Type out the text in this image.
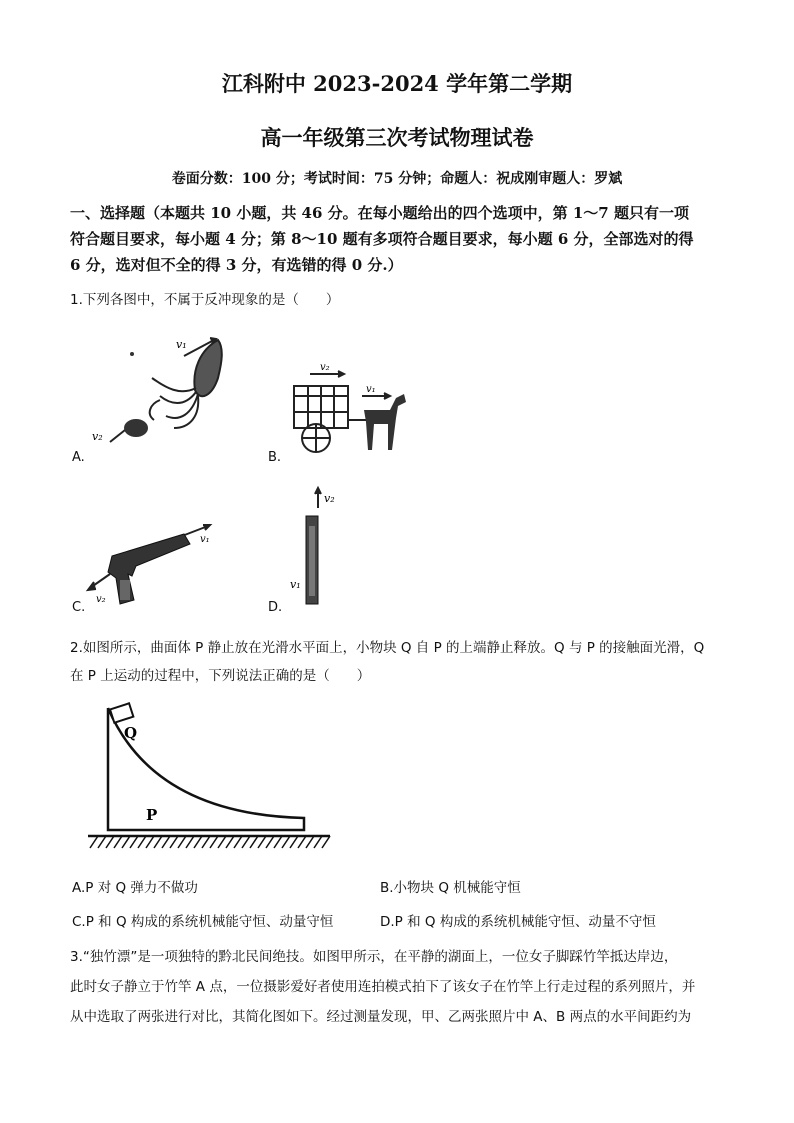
江科附中 2023-2024 学年第二学期
高一年级第三次考试物理试卷
卷面分数：100 分；考试时间：75 分钟；命题人：祝成刚审题人：罗斌
一、选择题（本题共 10 小题，共 46 分。在每小题给出的四个选项中，第 1～7 题只有一项
符合题目要求，每小题 4 分；第 8～10 题有多项符合题目要求，每小题 6 分，全部选对的得
6 分，选对但不全的得 3 分，有选错的得 0 分.）
1.下列各图中，不属于反冲现象的是（　　）
v₁
v₂
A.
v₂
v₁
B.
v₁
v₂
C.
v₂
v₁
D.
2.如图所示，曲面体 P 静止放在光滑水平面上，小物块 Q 自 P 的上端静止释放。Q 与 P 的接触面光滑，Q
在 P 上运动的过程中，下列说法正确的是（　　）
Q
P
A.P 对 Q 弹力不做功	B.小物块 Q 机械能守恒
C.P 和 Q 构成的系统机械能守恒、动量守恒	D.P 和 Q 构成的系统机械能守恒、动量不守恒
3.“独竹漂”是一项独特的黔北民间绝技。如图甲所示，在平静的湖面上，一位女子脚踩竹竿抵达岸边，
此时女子静立于竹竿 A 点，一位摄影爱好者使用连拍模式拍下了该女子在竹竿上行走过程的系列照片，并
从中选取了两张进行对比，其简化图如下。经过测量发现，甲、乙两张照片中 A、B 两点的水平间距约为
